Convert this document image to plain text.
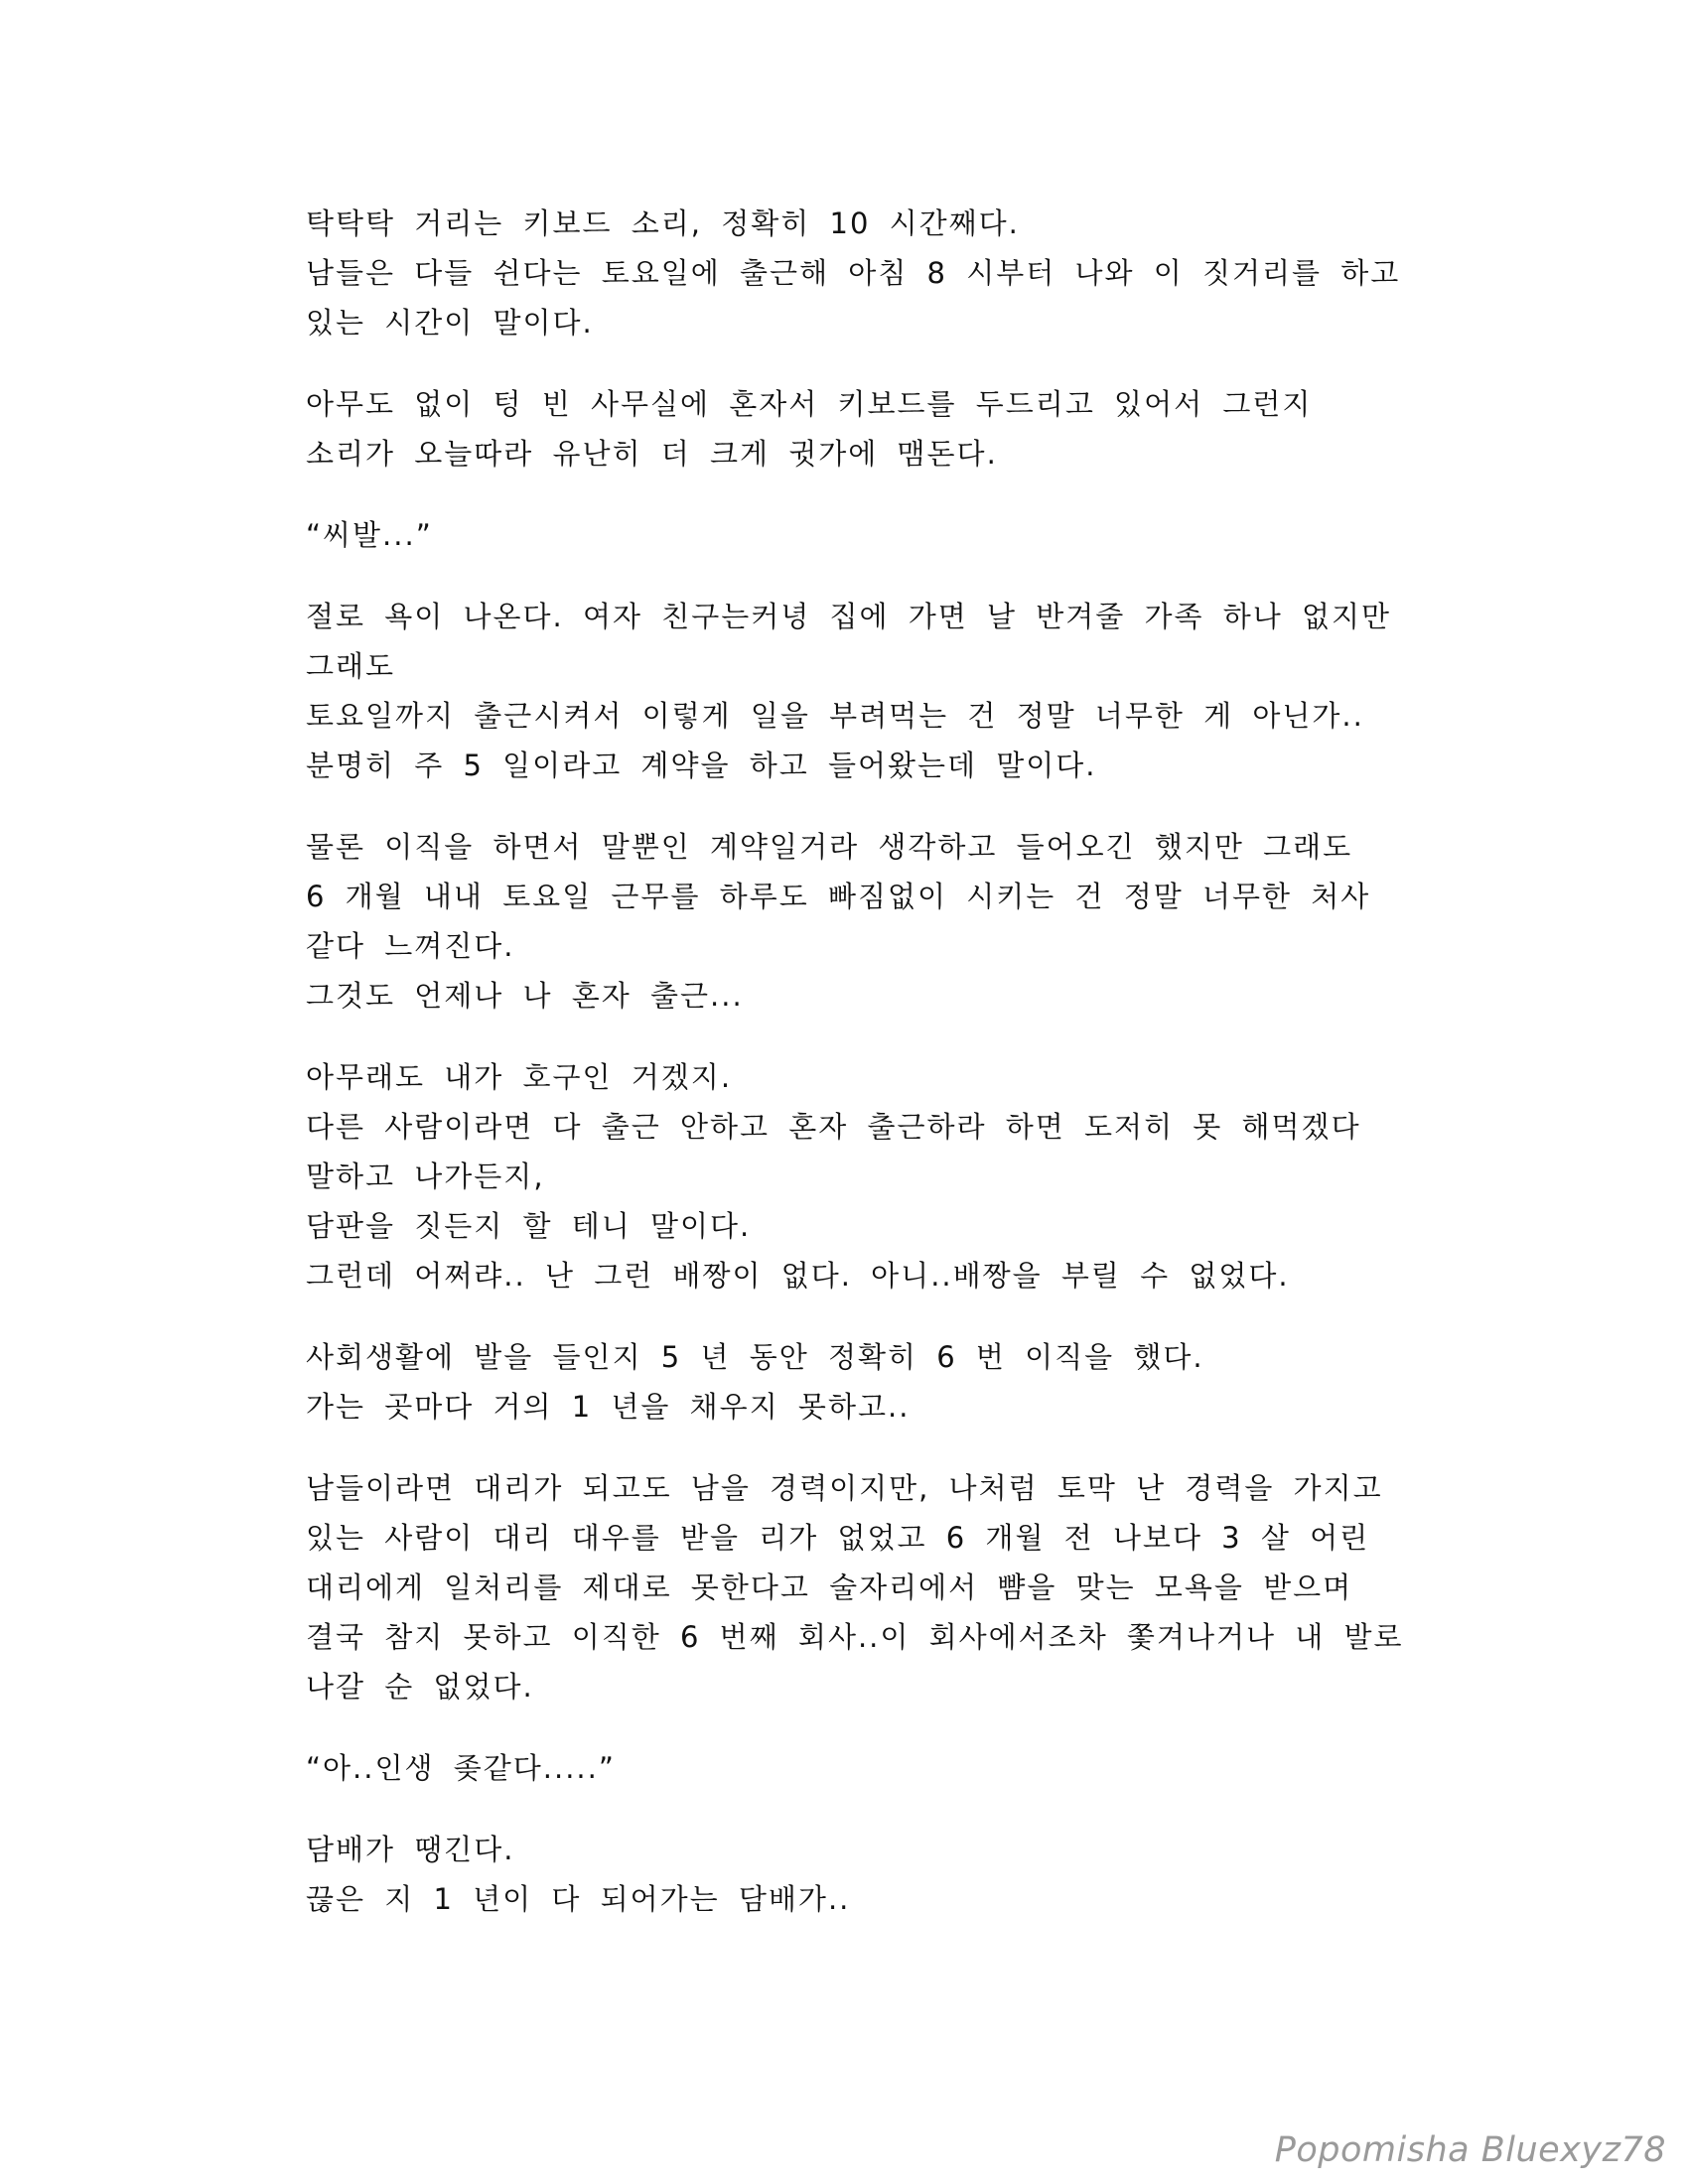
탁탁탁 거리는 키보드 소리, 정확히 10 시간째다.
남들은 다들 쉰다는 토요일에 출근해 아침 8 시부터 나와 이 짓거리를 하고
있는 시간이 말이다.
아무도 없이 텅 빈 사무실에 혼자서 키보드를 두드리고 있어서 그런지
소리가 오늘따라 유난히 더 크게 귓가에 맴돈다.
“씨발...”
절로 욕이 나온다. 여자 친구는커녕 집에 가면 날 반겨줄 가족 하나 없지만
그래도
토요일까지 출근시켜서 이렇게 일을 부려먹는 건 정말 너무한 게 아닌가..
분명히 주 5 일이라고 계약을 하고 들어왔는데 말이다.
물론 이직을 하면서 말뿐인 계약일거라 생각하고 들어오긴 했지만 그래도
6 개월 내내 토요일 근무를 하루도 빠짐없이 시키는 건 정말 너무한 처사
같다 느껴진다.
그것도 언제나 나 혼자 출근...
아무래도 내가 호구인 거겠지.
다른 사람이라면 다 출근 안하고 혼자 출근하라 하면 도저히 못 해먹겠다
말하고 나가든지,
담판을 짓든지 할 테니 말이다.
그런데 어쩌랴.. 난 그런 배짱이 없다. 아니..배짱을 부릴 수 없었다.
사회생활에 발을 들인지 5 년 동안 정확히 6 번 이직을 했다.
가는 곳마다 거의 1 년을 채우지 못하고..
남들이라면 대리가 되고도 남을 경력이지만, 나처럼 토막 난 경력을 가지고
있는 사람이 대리 대우를 받을 리가 없었고 6 개월 전 나보다 3 살 어린
대리에게 일처리를 제대로 못한다고 술자리에서 뺨을 맞는 모욕을 받으며
결국 참지 못하고 이직한 6 번째 회사..이 회사에서조차 쫓겨나거나 내 발로
나갈 순 없었다.
“아..인생 좆같다.....”
담배가 땡긴다.
끊은 지 1 년이 다 되어가는 담배가..
Popomisha Bluexyz78
